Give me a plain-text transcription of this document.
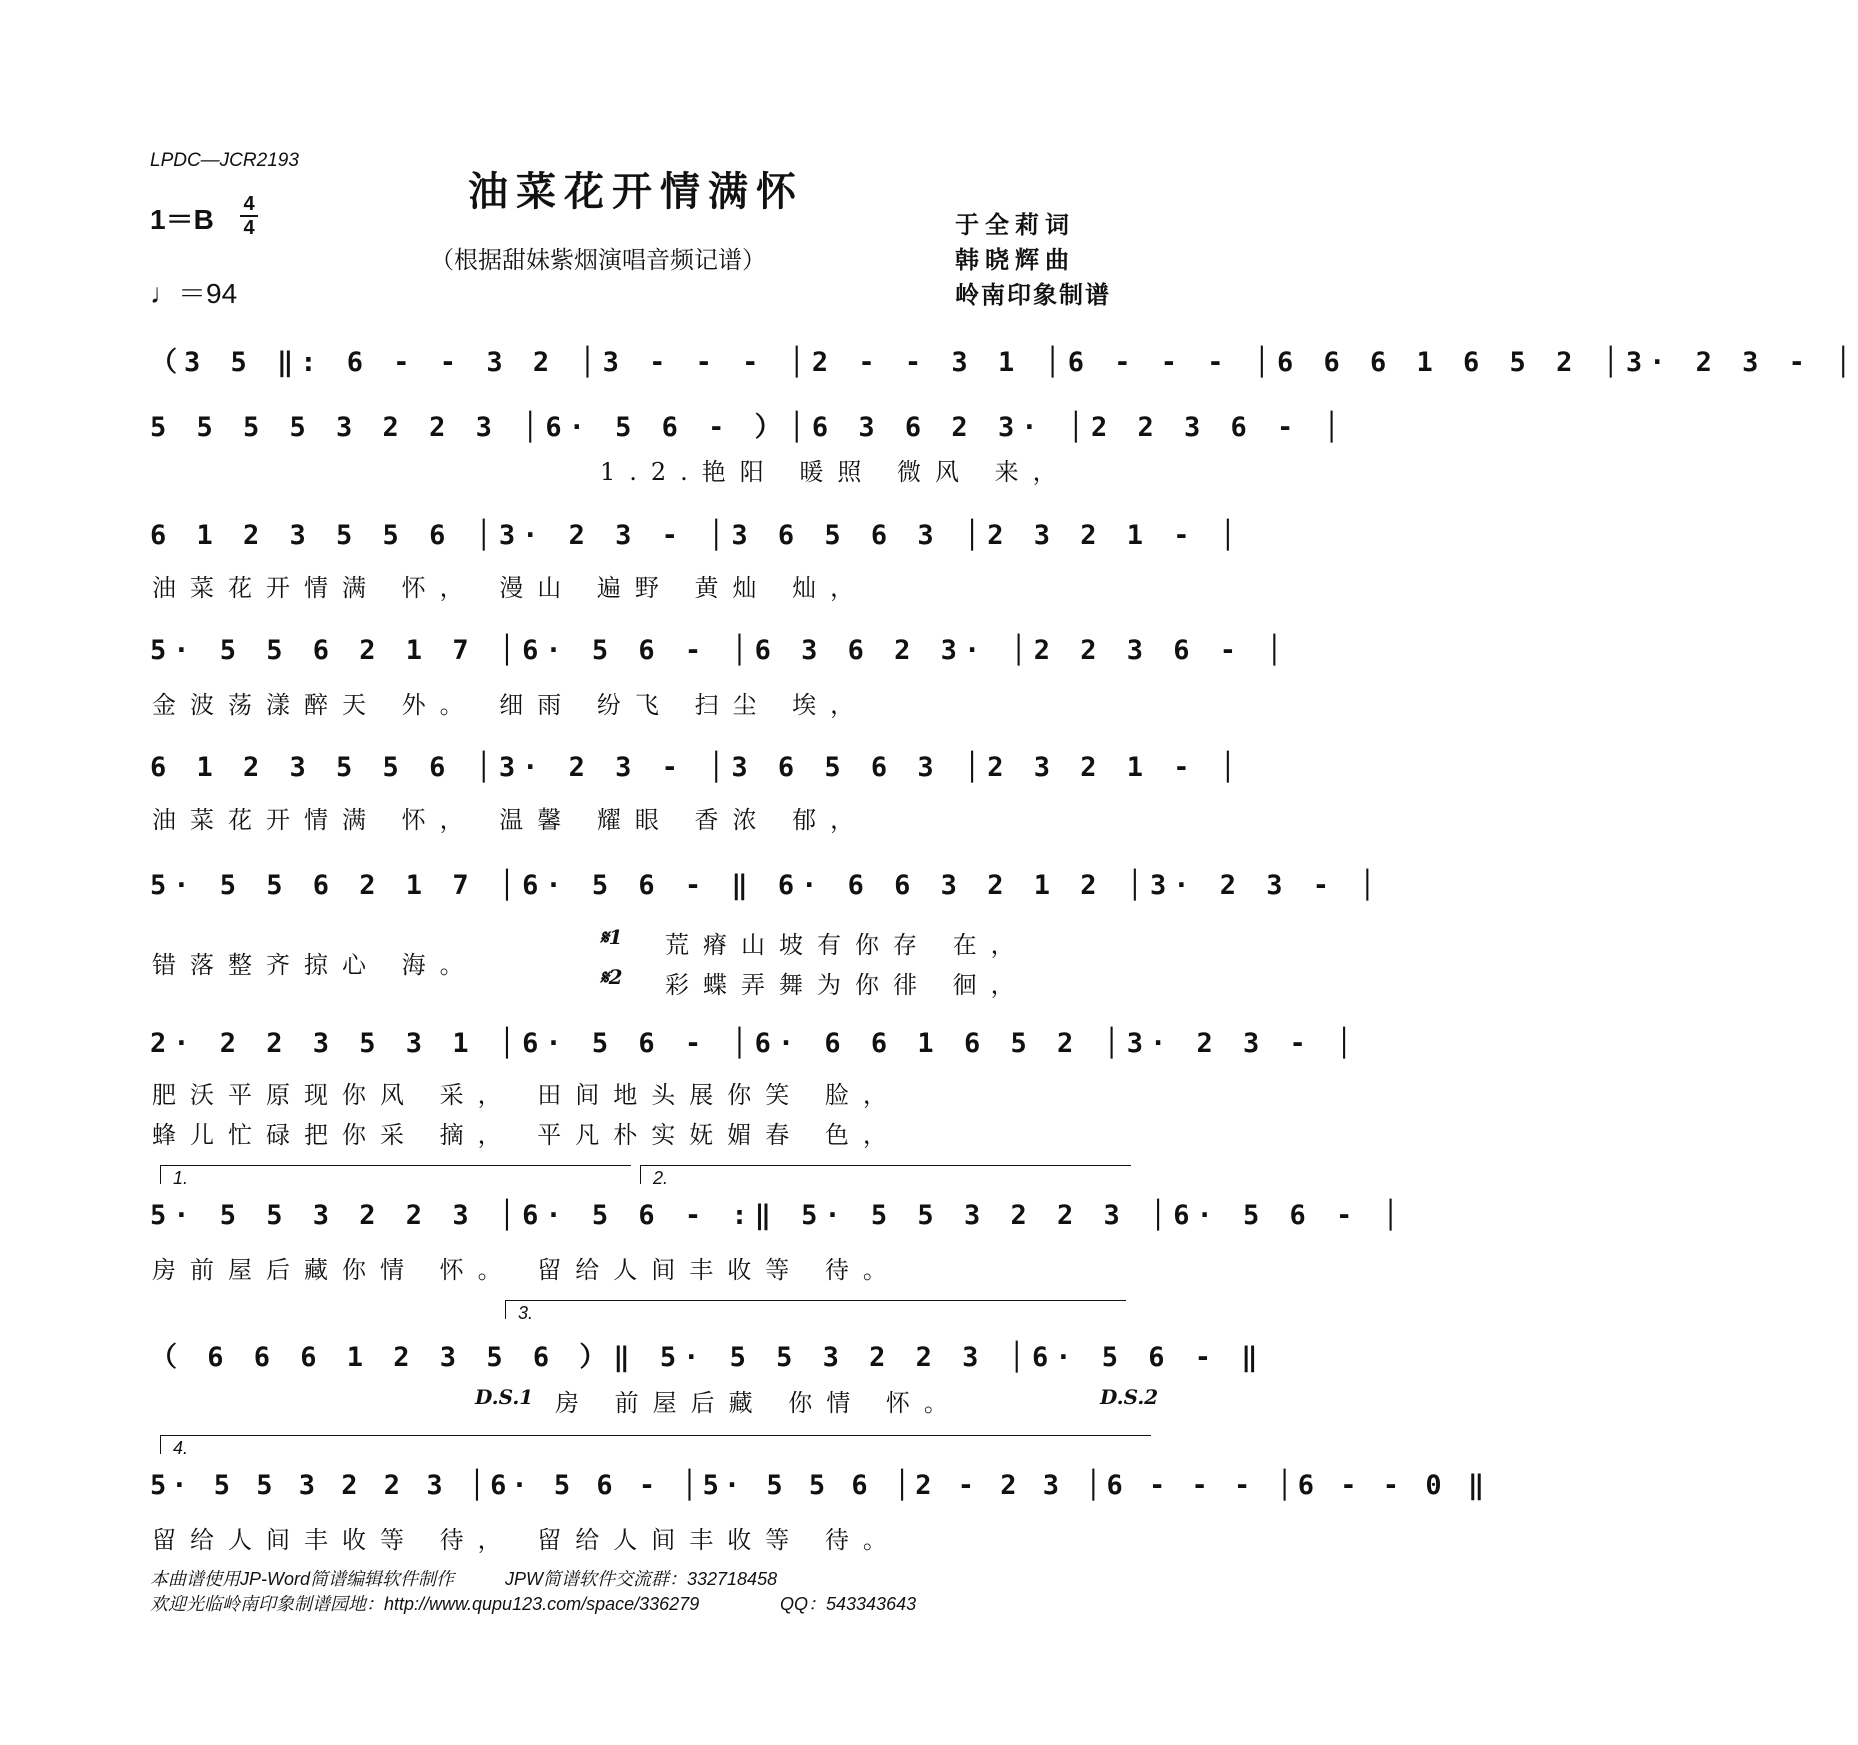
LPDC—JCR2193
油菜花开情满怀
（根据甜妹紫烟演唱音频记谱）
1＝B 4
4
♩＝94
于全莉词
韩晓辉曲
岭南印象制谱
（3 5 ‖: 6 - - 3 2 │3 - - - │2 - - 3 1 │6 - - - │6 6 6 1 6 5 2 │3· 2 3 - │
5 5 5 5 3 2 2 3 │6· 5 6 - ）│6 3 6 2 3· │2 2 3 6 - │
1.2.艳阳 暖照 微风 来，
6 1 2 3 5 5 6 │3· 2 3 - │3 6 5 6 3 │2 3 2 1 - │
油菜花开情满 怀， 漫山 遍野 黄灿 灿，
5· 5 5 6 2 1 7 │6· 5 6 - │6 3 6 2 3· │2 2 3 6 - │
金波荡漾醉天 外。 细雨 纷飞 扫尘 埃，
6 1 2 3 5 5 6 │3· 2 3 - │3 6 5 6 3 │2 3 2 1 - │
油菜花开情满 怀， 温馨 耀眼 香浓 郁，
5· 5 5 6 2 1 7 │6· 5 6 - ‖ 6· 6 6 3 2 1 2 │3· 2 3 - │
错落整齐掠心 海。
𝄋1
𝄋2
荒瘠山坡有你存 在，
彩蝶弄舞为你徘 徊，
2· 2 2 3 5 3 1 │6· 5 6 - │6· 6 6 1 6 5 2 │3· 2 3 - │
肥沃平原现你风 采， 田间地头展你笑 脸，
蜂儿忙碌把你采 摘， 平凡朴实妩媚春 色，
1.	2.
5· 5 5 3 2 2 3 │6· 5 6 - :‖ 5· 5 5 3 2 2 3 │6· 5 6 - │
房前屋后藏你情 怀。 留给人间丰收等 待。
3.
（ 6 6 6 1 2 3 5 6 ）‖ 5· 5 5 3 2 2 3 │6· 5 6 - ‖
D.S.1 房 前屋后藏 你情 怀。	D.S.2
4.
5· 5 5 3 2 2 3 │6· 5 6 - │5· 5 5 6 │2 - 2 3 │6 - - - │6 - - 0 ‖
留给人间丰收等 待， 留给人间丰收等 待。
本曲谱使用JP-Word简谱编辑软件制作	JPW简谱软件交流群：332718458
欢迎光临岭南印象制谱园地：http://www.qupu123.com/space/336279	QQ：543343643
